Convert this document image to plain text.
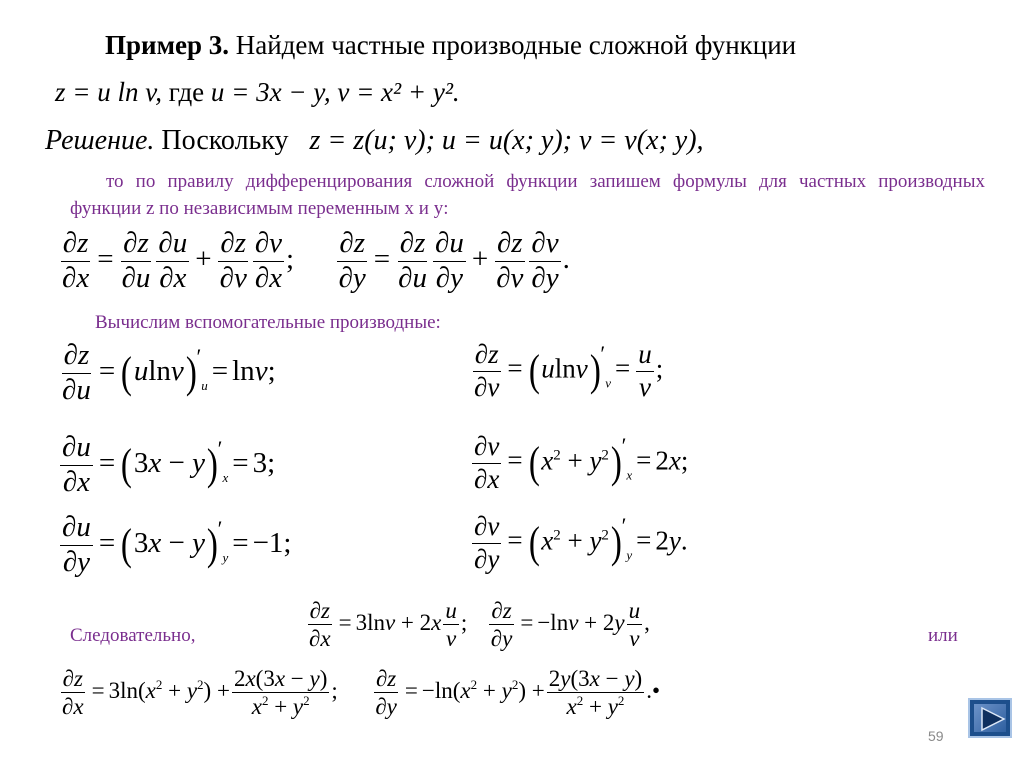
Пример 3. Найдем частные производные сложной функции
z = u ln v, где u = 3x − y, v = x² + y².
Решение. Поскольку z = z(u; v); u = u(x; y); v = v(x; y),
то по правилу дифференцирования сложной функции запишем формулы для частных производных функции z по независимым переменным x и y:
$\frac{\partial z}{\partial x} = \frac{\partial z}{\partial u} \frac{\partial u}{\partial x} + \frac{\partial z}{\partial v} \frac{\partial v}{\partial x}$ ; $\frac{\partial z}{\partial y} = \frac{\partial z}{\partial u} \frac{\partial u}{\partial y} + \frac{\partial z}{\partial v} \frac{\partial v}{\partial y}$ .
Вычислим вспомогательные производные:
$\frac{\partial z}{\partial u} = (ulnv)'_u = \ln v$;	$\frac{\partial z}{\partial v} = (ulnv)'_v = \frac{u}{v}$ ;
$\frac{\partial u}{\partial x} = (3x - y)'_x = 3$;	$\frac{\partial v}{\partial x} = (x^2 + y^2)'_x = 2x$;
$\frac{\partial u}{\partial y} = (3x - y)'_y = -1$;	$\frac{\partial v}{\partial y} = (x^2 + y^2)'_y = 2y$.
Следовательно,	$\frac{\partial z}{\partial x} = 3\ln v + 2x \frac{u}{v}$ ; $\frac{\partial z}{\partial y} = -\ln v + 2y \frac{u}{v}$ ,
или
$\frac{\partial z}{\partial x} = 3\ln(x^2 + y^2) + \frac{2x(3x - y)}{x^2 + y^2}$ ; $\frac{\partial z}{\partial y} = -\ln(x^2 + y^2) + \frac{2y(3x - y)}{x^2 + y^2}$ .•
59
